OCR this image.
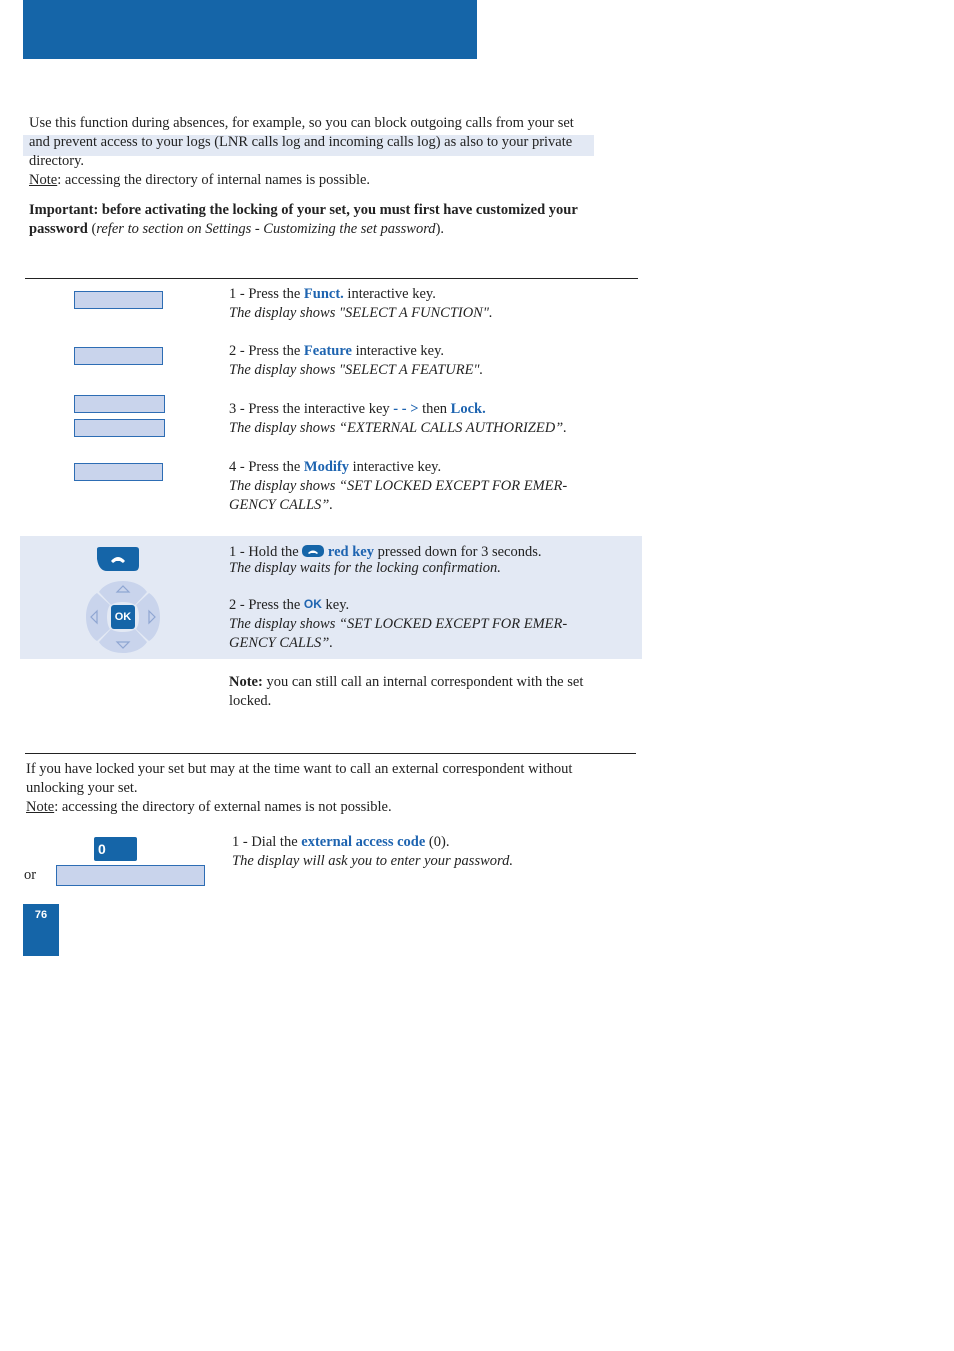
Use this function during absences, for example, so you can block outgoing calls from your set
and prevent access to your logs (LNR calls log and incoming calls log) as also to your private
directory.
Note: accessing the directory of internal names is possible.
Important: before activating the locking of your set, you must first have customized your
password (refer to section on Settings - Customizing the set password).
1 - Press the Funct. interactive key.
The display shows "SELECT A FUNCTION".
2 - Press the Feature interactive key.
The display shows "SELECT A FEATURE".
3 - Press the interactive key - - > then Lock.
The display shows “EXTERNAL CALLS AUTHORIZED”.
4 - Press the Modify interactive key.
The display shows “SET LOCKED EXCEPT FOR EMER-
GENCY CALLS”.
OK
1 - Hold the  red key pressed down for 3 seconds.
The display waits for the locking confirmation.
2 - Press the OK key.
The display shows “SET LOCKED EXCEPT FOR EMER-
GENCY CALLS”.
Note: you can still call an internal correspondent with the set
locked.
If you have locked your set but may at the time want to call an external correspondent without
unlocking your set.
Note: accessing the directory of external names is not possible.
0
or
1 - Dial the external access code (0).
The display will ask you to enter your password.
76
